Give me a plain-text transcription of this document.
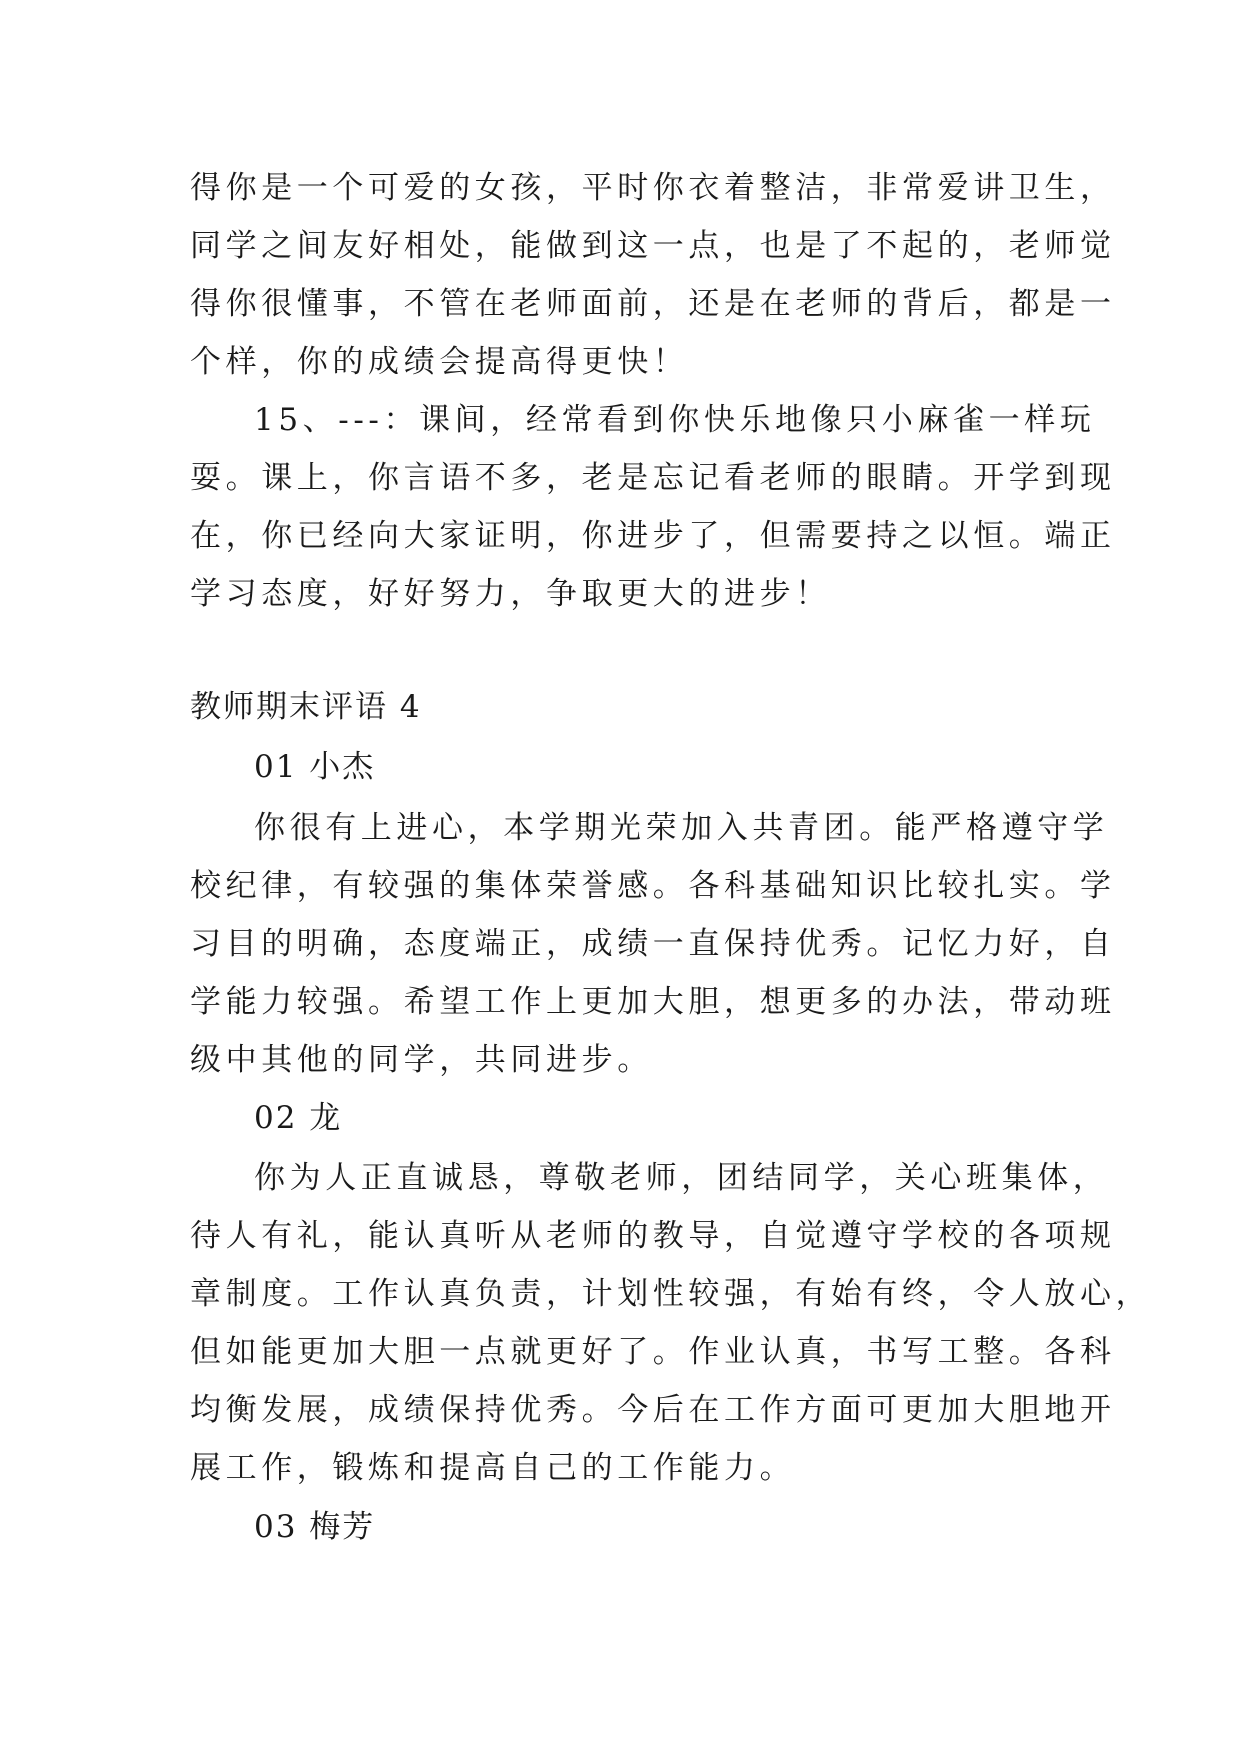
得你是一个可爱的女孩，平时你衣着整洁，非常爱讲卫生，

同学之间友好相处，能做到这一点，也是了不起的，老师觉

得你很懂事，不管在老师面前，还是在老师的背后，都是一

个样，你的成绩会提高得更快！

15、---：课间，经常看到你快乐地像只小麻雀一样玩

耍。课上，你言语不多，老是忘记看老师的眼睛。开学到现

在，你已经向大家证明，你进步了，但需要持之以恒。端正

学习态度，好好努力，争取更大的进步！

教师期末评语 4

01 小杰

你很有上进心，本学期光荣加入共青团。能严格遵守学

校纪律，有较强的集体荣誉感。各科基础知识比较扎实。学

习目的明确，态度端正，成绩一直保持优秀。记忆力好，自

学能力较强。希望工作上更加大胆，想更多的办法，带动班

级中其他的同学，共同进步。

02 龙

你为人正直诚恳，尊敬老师，团结同学，关心班集体，

待人有礼，能认真听从老师的教导，自觉遵守学校的各项规

章制度。工作认真负责，计划性较强，有始有终，令人放心，

但如能更加大胆一点就更好了。作业认真，书写工整。各科

均衡发展，成绩保持优秀。今后在工作方面可更加大胆地开

展工作，锻炼和提高自己的工作能力。

03 梅芳
